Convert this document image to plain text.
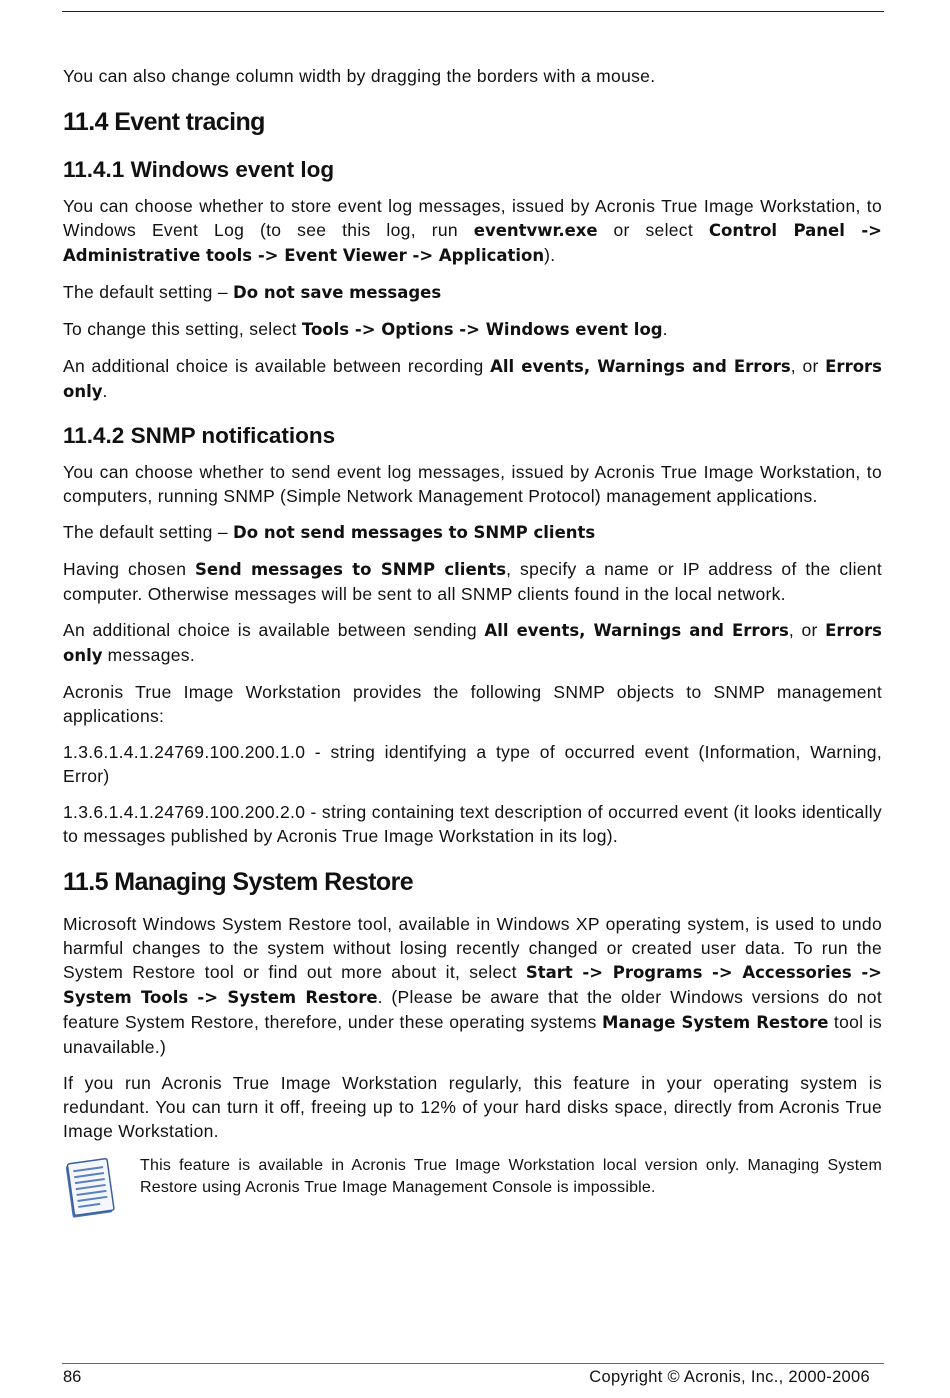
You can also change column width by dragging the borders with a mouse.

11.4 Event tracing
11.4.1 Windows event log

You can choose whether to store event log messages, issued by Acronis True Image Workstation, to Windows Event Log (to see this log, run eventvwr.exe or select Control Panel -> Administrative tools -> Event Viewer -> Application).

The default setting – Do not save messages

To change this setting, select Tools -> Options -> Windows event log.

An additional choice is available between recording All events, Warnings and Errors, or Errors only.

11.4.2 SNMP notifications

You can choose whether to send event log messages, issued by Acronis True Image Workstation, to computers, running SNMP (Simple Network Management Protocol) management applications.

The default setting – Do not send messages to SNMP clients

Having chosen Send messages to SNMP clients, specify a name or IP address of the client computer. Otherwise messages will be sent to all SNMP clients found in the local network.

An additional choice is available between sending All events, Warnings and Errors, or Errors only messages.

Acronis True Image Workstation provides the following SNMP objects to SNMP management applications:

1.3.6.1.4.1.24769.100.200.1.0 - string identifying a type of occurred event (Information, Warning, Error)

1.3.6.1.4.1.24769.100.200.2.0 - string containing text description of occurred event (it looks identically to messages published by Acronis True Image Workstation in its log).

11.5 Managing System Restore

Microsoft Windows System Restore tool, available in Windows XP operating system, is used to undo harmful changes to the system without losing recently changed or created user data. To run the System Restore tool or find out more about it, select Start -> Programs -> Accessories -> System Tools -> System Restore. (Please be aware that the older Windows versions do not feature System Restore, therefore, under these operating systems Manage System Restore tool is unavailable.)

If you run Acronis True Image Workstation regularly, this feature in your operating system is redundant. You can turn it off, freeing up to 12% of your hard disks space, directly from Acronis True Image Workstation.

This feature is available in Acronis True Image Workstation local version only. Managing System Restore using Acronis True Image Management Console is impossible.

86	Copyright © Acronis, Inc., 2000-2006
